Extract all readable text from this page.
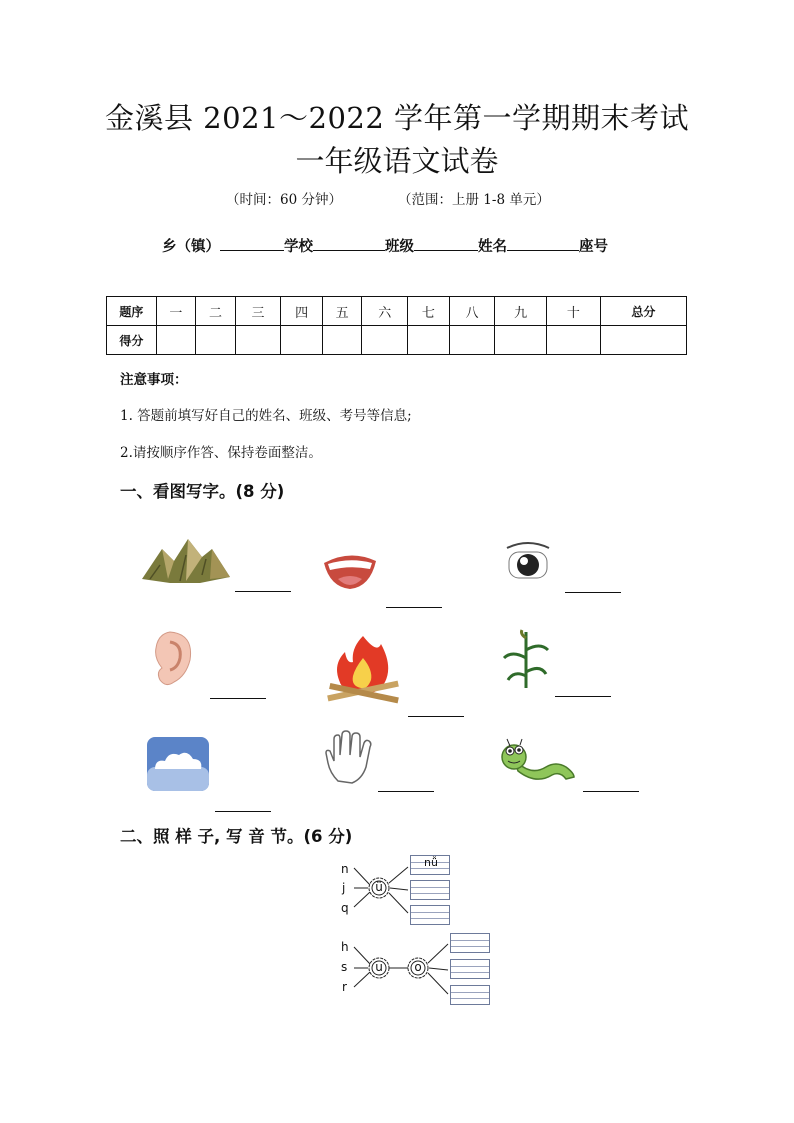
金溪县 2021～2022 学年第一学期期末考试
一年级语文试卷
（时间：60 分钟）	（范围：上册 1-8 单元）
乡（镇）	学校	班级	姓名	座号
题序	一	二	三	四	五	六	七	八	九	十	总分
得分											
注意事项：
1. 答题前填写好自己的姓名、班级、考号等信息;
2.请按顺序作答、保持卷面整洁。
一、看图写字。(8 分)
二、照 样 子, 写 音 节。(6 分)
n
j
q
ü
nǚ
h
s
r
u	o
